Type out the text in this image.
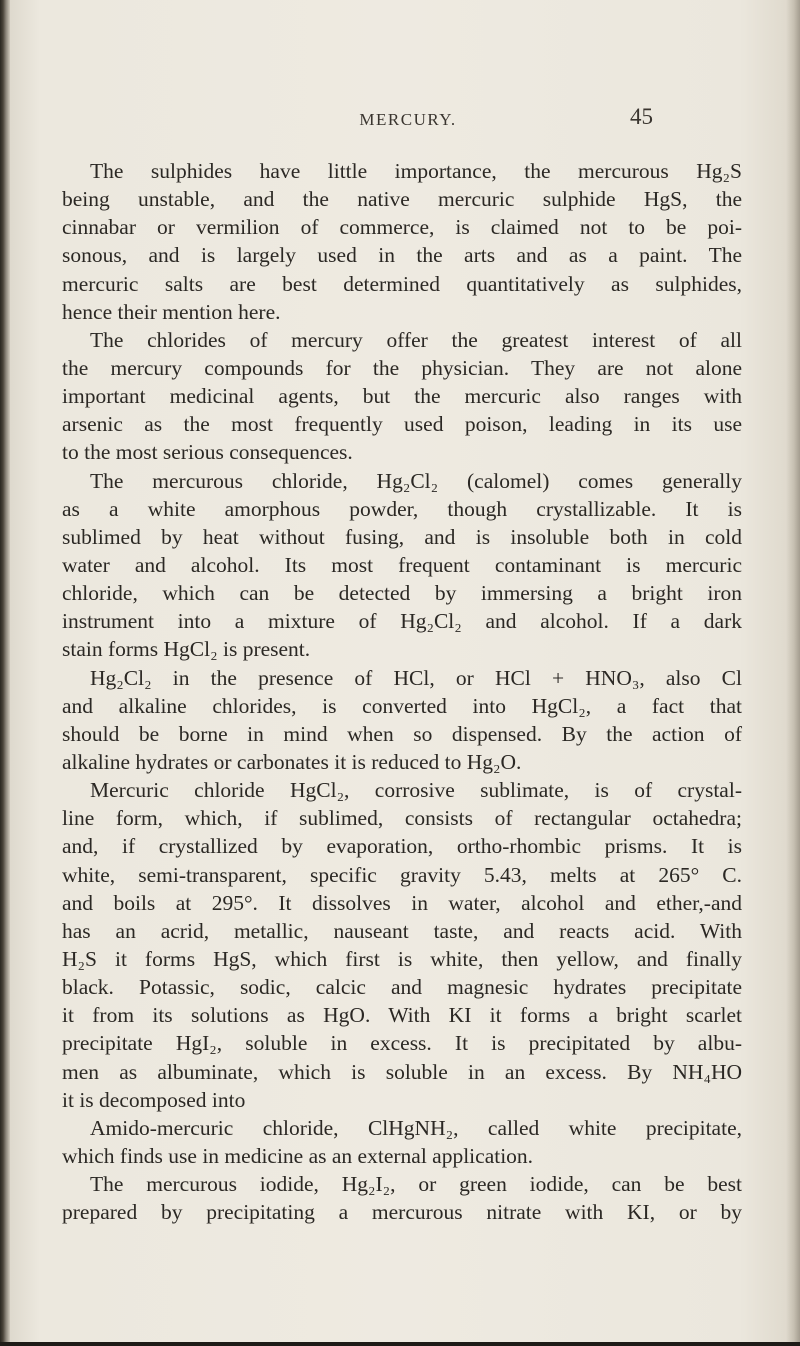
MERCURY.	45
The sulphides have little importance, the mercurous Hg₂S
being unstable, and the native mercuric sulphide HgS, the
cinnabar or vermilion of commerce, is claimed not to be poi-
sonous, and is largely used in the arts and as a paint. The
mercuric salts are best determined quantitatively as sulphides,
hence their mention here.
The chlorides of mercury offer the greatest interest of all
the mercury compounds for the physician. They are not alone
important medicinal agents, but the mercuric also ranges with
arsenic as the most frequently used poison, leading in its use
to the most serious consequences.
The mercurous chloride, Hg₂Cl₂ (calomel) comes generally
as a white amorphous powder, though crystallizable. It is
sublimed by heat without fusing, and is insoluble both in cold
water and alcohol. Its most frequent contaminant is mercuric
chloride, which can be detected by immersing a bright iron
instrument into a mixture of Hg₂Cl₂ and alcohol. If a dark
stain forms HgCl₂ is present.
Hg₂Cl₂ in the presence of HCl, or HCl + HNO₃, also Cl
and alkaline chlorides, is converted into HgCl₂, a fact that
should be borne in mind when so dispensed. By the action of
alkaline hydrates or carbonates it is reduced to Hg₂O.
Mercuric chloride HgCl₂, corrosive sublimate, is of crystal-
line form, which, if sublimed, consists of rectangular octahedra;
and, if crystallized by evaporation, ortho-rhombic prisms. It is
white, semi-transparent, specific gravity 5.43, melts at 265° C.
and boils at 295°. It dissolves in water, alcohol and ether,-and
has an acrid, metallic, nauseant taste, and reacts acid. With
H₂S it forms HgS, which first is white, then yellow, and finally
black. Potassic, sodic, calcic and magnesic hydrates precipitate
it from its solutions as HgO. With KI it forms a bright scarlet
precipitate HgI₂, soluble in excess. It is precipitated by albu-
men as albuminate, which is soluble in an excess. By NH₄HO
it is decomposed into
Amido-mercuric chloride, ClHgNH₂, called white precipitate,
which finds use in medicine as an external application.
The mercurous iodide, Hg₂I₂, or green iodide, can be best
prepared by precipitating a mercurous nitrate with KI, or by
